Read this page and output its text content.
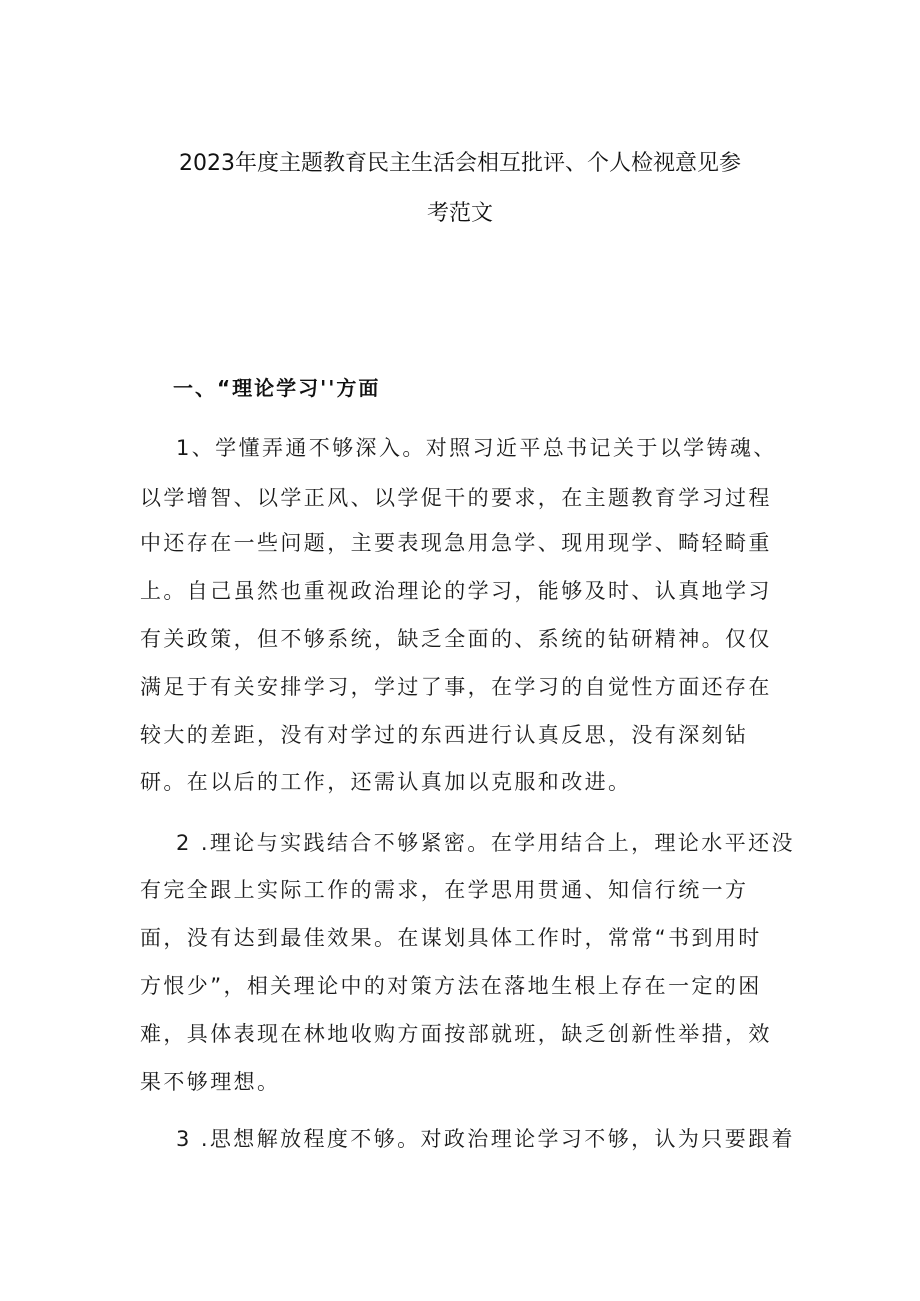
2023年度主题教育民主生活会相互批评、个人检视意见参
考范文
一、“理论学习''方面
1、学懂弄通不够深入。对照习近平总书记关于以学铸魂、
以学增智、以学正风、以学促干的要求，在主题教育学习过程
中还存在一些问题，主要表现急用急学、现用现学、畸轻畸重
上。自己虽然也重视政治理论的学习，能够及时、认真地学习
有关政策，但不够系统，缺乏全面的、系统的钻研精神。仅仅
满足于有关安排学习，学过了事，在学习的自觉性方面还存在
较大的差距，没有对学过的东西进行认真反思，没有深刻钻
研。在以后的工作，还需认真加以克服和改进。
2 .理论与实践结合不够紧密。在学用结合上，理论水平还没
有完全跟上实际工作的需求，在学思用贯通、知信行统一方
面，没有达到最佳效果。在谋划具体工作时，常常“书到用时
方恨少”，相关理论中的对策方法在落地生根上存在一定的困
难，具体表现在林地收购方面按部就班，缺乏创新性举措，效
果不够理想。
3 .思想解放程度不够。对政治理论学习不够，认为只要跟着
